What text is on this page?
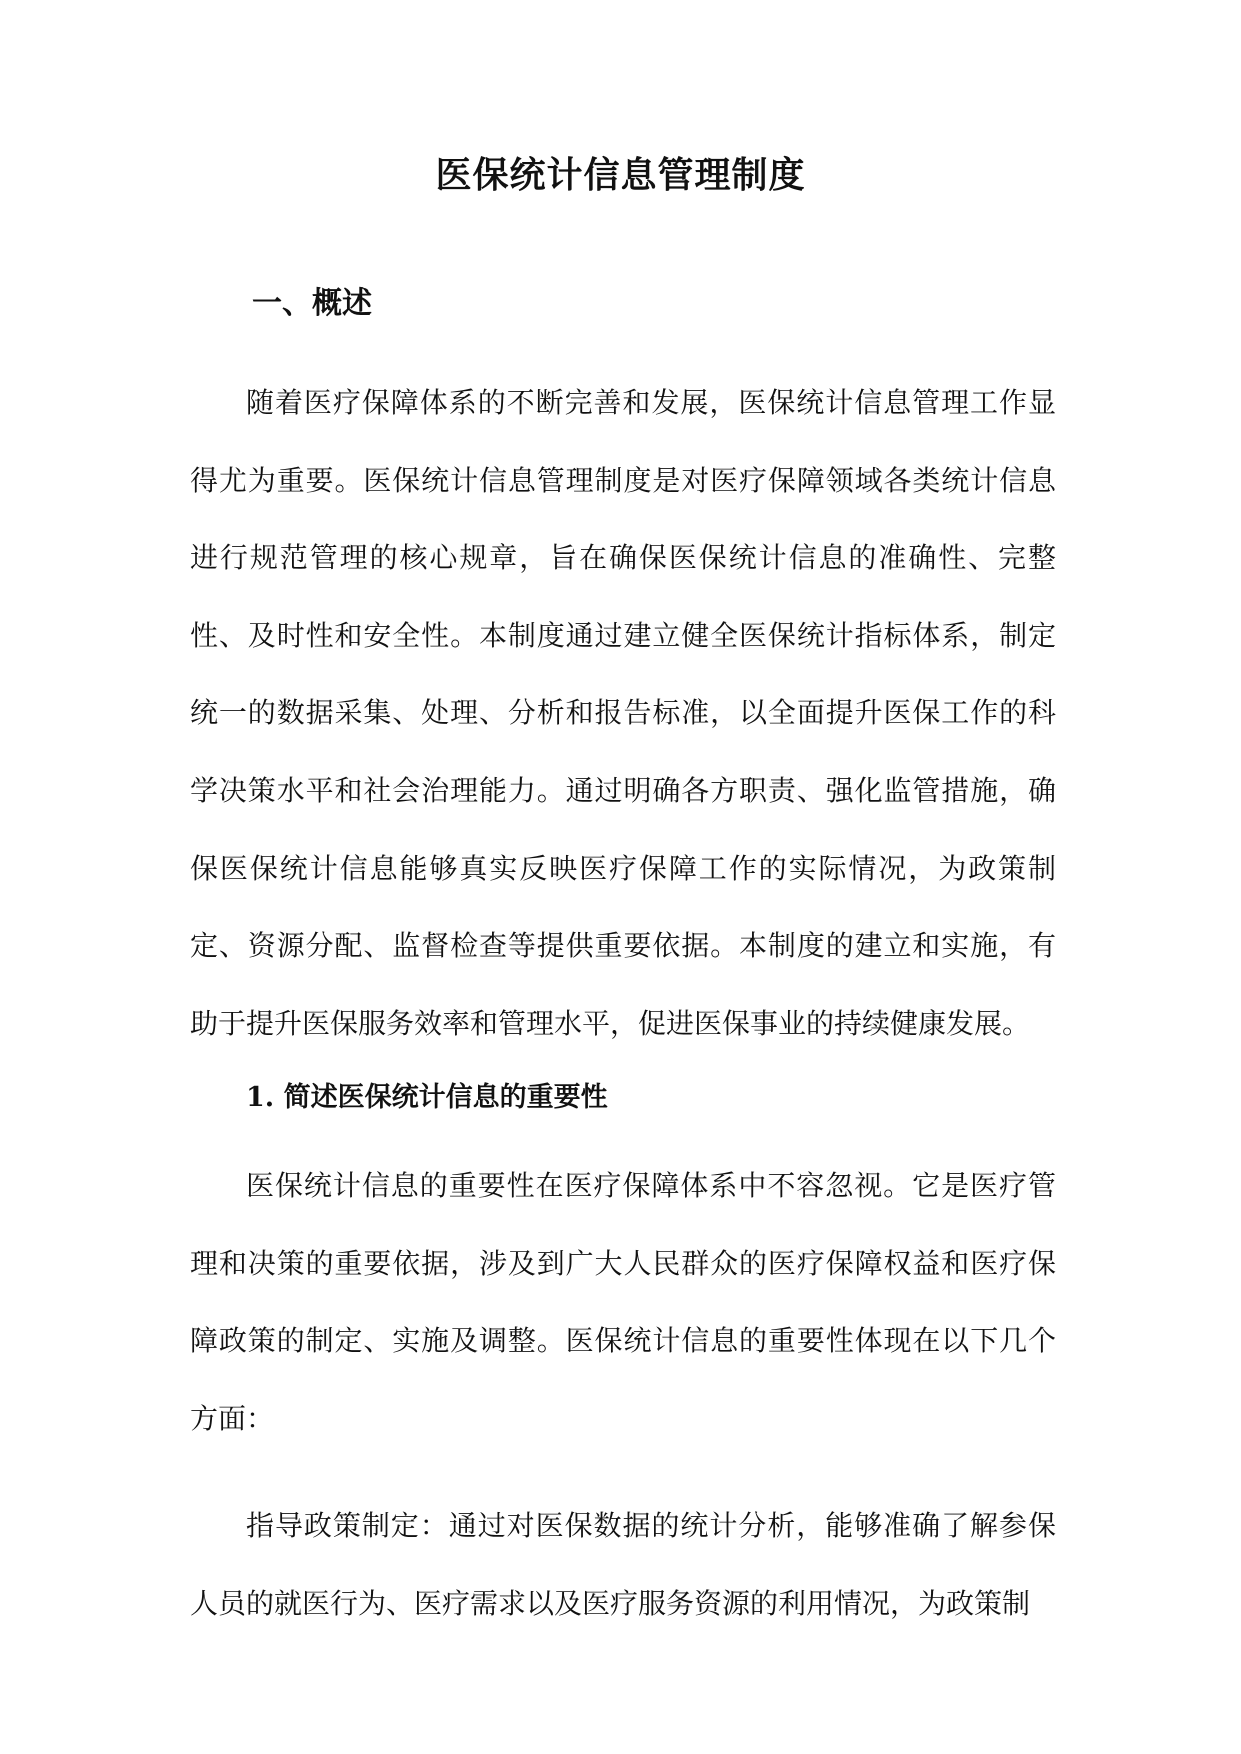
医保统计信息管理制度
一、概述

随着医疗保障体系的不断完善和发展，医保统计信息管理工作显得尤为重要。医保统计信息管理制度是对医疗保障领域各类统计信息进行规范管理的核心规章，旨在确保医保统计信息的准确性、完整性、及时性和安全性。本制度通过建立健全医保统计指标体系，制定统一的数据采集、处理、分析和报告标准，以全面提升医保工作的科学决策水平和社会治理能力。通过明确各方职责、强化监管措施，确保医保统计信息能够真实反映医疗保障工作的实际情况，为政策制定、资源分配、监督检查等提供重要依据。本制度的建立和实施，有助于提升医保服务效率和管理水平，促进医保事业的持续健康发展。

1. 简述医保统计信息的重要性

医保统计信息的重要性在医疗保障体系中不容忽视。它是医疗管理和决策的重要依据，涉及到广大人民群众的医疗保障权益和医疗保障政策的制定、实施及调整。医保统计信息的重要性体现在以下几个方面：

指导政策制定：通过对医保数据的统计分析，能够准确了解参保人员的就医行为、医疗需求以及医疗服务资源的利用情况，为政策制
